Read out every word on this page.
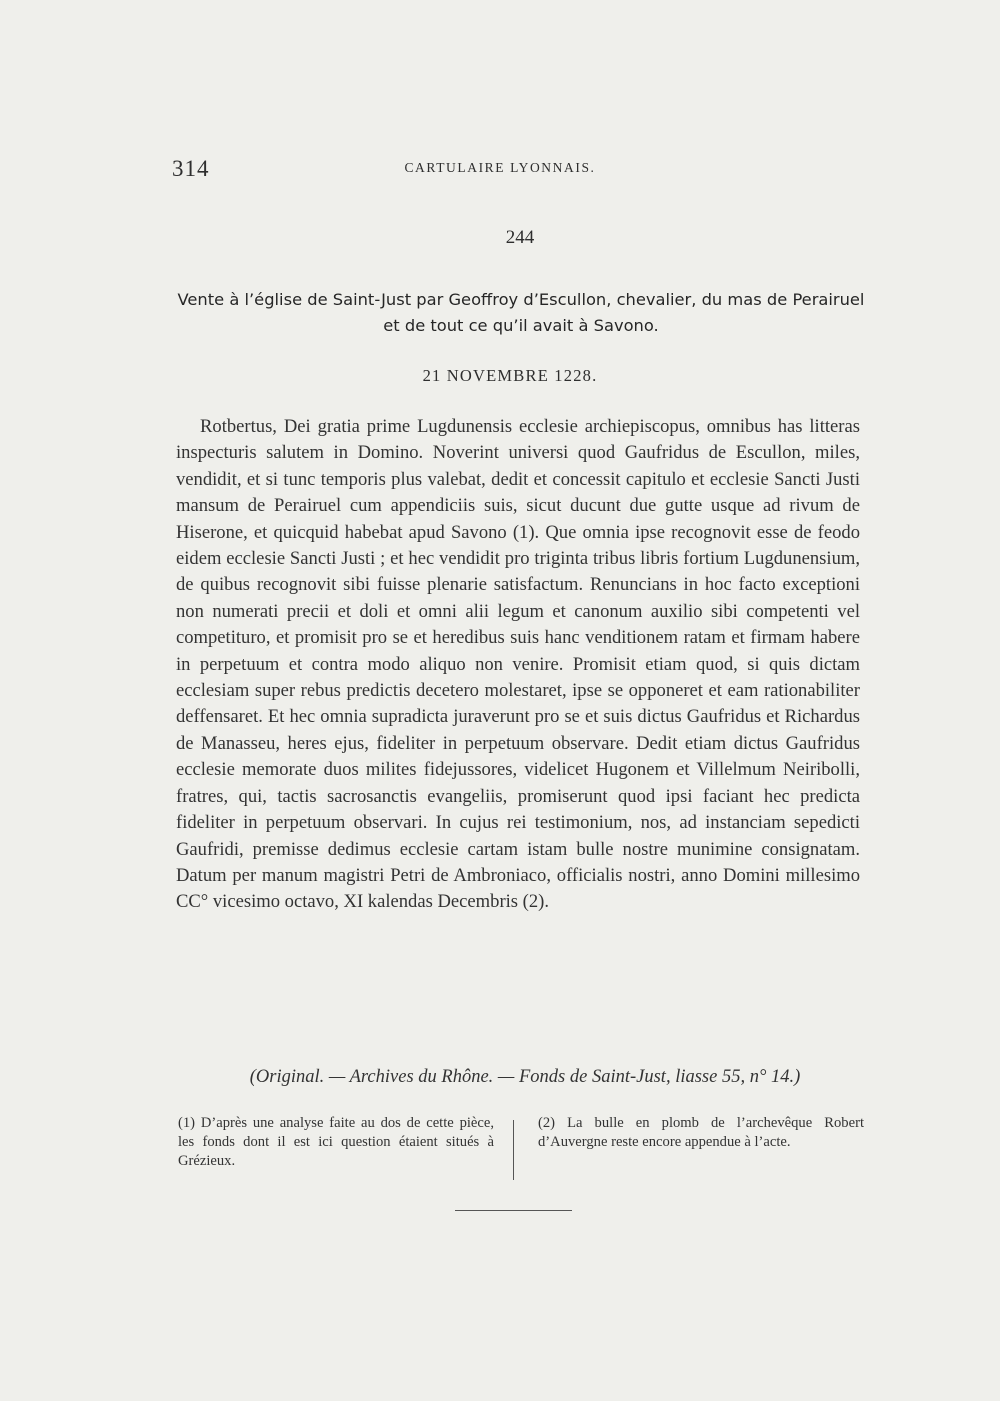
314	CARTULAIRE LYONNAIS.
244
Vente à l’église de Saint-Just par Geoffroy d’Escullon, chevalier, du mas de Perairuel et de tout ce qu’il avait à Savono.
21 NOVEMBRE 1228.

Rotbertus, Dei gratia prime Lugdunensis ecclesie archiepiscopus, omnibus has litteras inspecturis salutem in Domino. Noverint universi quod Gaufridus de Escullon, miles, vendidit, et si tunc temporis plus valebat, dedit et concessit capitulo et ecclesie Sancti Justi mansum de Perairuel cum appendiciis suis, sicut ducunt due gutte usque ad rivum de Hiserone, et quicquid habebat apud Savono (1). Que omnia ipse recognovit esse de feodo eidem ecclesie Sancti Justi ; et hec vendidit pro triginta tribus libris fortium Lugdunensium, de quibus recognovit sibi fuisse plenarie satisfactum. Renuncians in hoc facto exceptioni non numerati precii et doli et omni alii legum et canonum auxilio sibi competenti vel competituro, et promisit pro se et heredibus suis hanc venditionem ratam et firmam habere in perpetuum et contra modo aliquo non venire. Promisit etiam quod, si quis dictam ecclesiam super rebus predictis decetero molestaret, ipse se opponeret et eam rationabiliter deffensaret. Et hec omnia supradicta juraverunt pro se et suis dictus Gaufridus et Richardus de Manasseu, heres ejus, fideliter in perpetuum observare. Dedit etiam dictus Gaufridus ecclesie memorate duos milites fidejussores, videlicet Hugonem et Villelmum Neiribolli, fratres, qui, tactis sacrosanctis evangeliis, promiserunt quod ipsi faciant hec predicta fideliter in perpetuum observari. In cujus rei testimonium, nos, ad instanciam sepedicti Gaufridi, premisse dedimus ecclesie cartam istam bulle nostre munimine consignatam. Datum per manum magistri Petri de Ambroniaco, officialis nostri, anno Domini millesimo CC° vicesimo octavo, XI kalendas Decembris (2).

(Original. — Archives du Rhône. — Fonds de Saint-Just, liasse 55, n° 14.)
(1) D’après une analyse faite au dos de cette pièce, les fonds dont il est ici question étaient situés à Grézieux.
(2) La bulle en plomb de l’archevêque Robert d’Auvergne reste encore appendue à l’acte.
